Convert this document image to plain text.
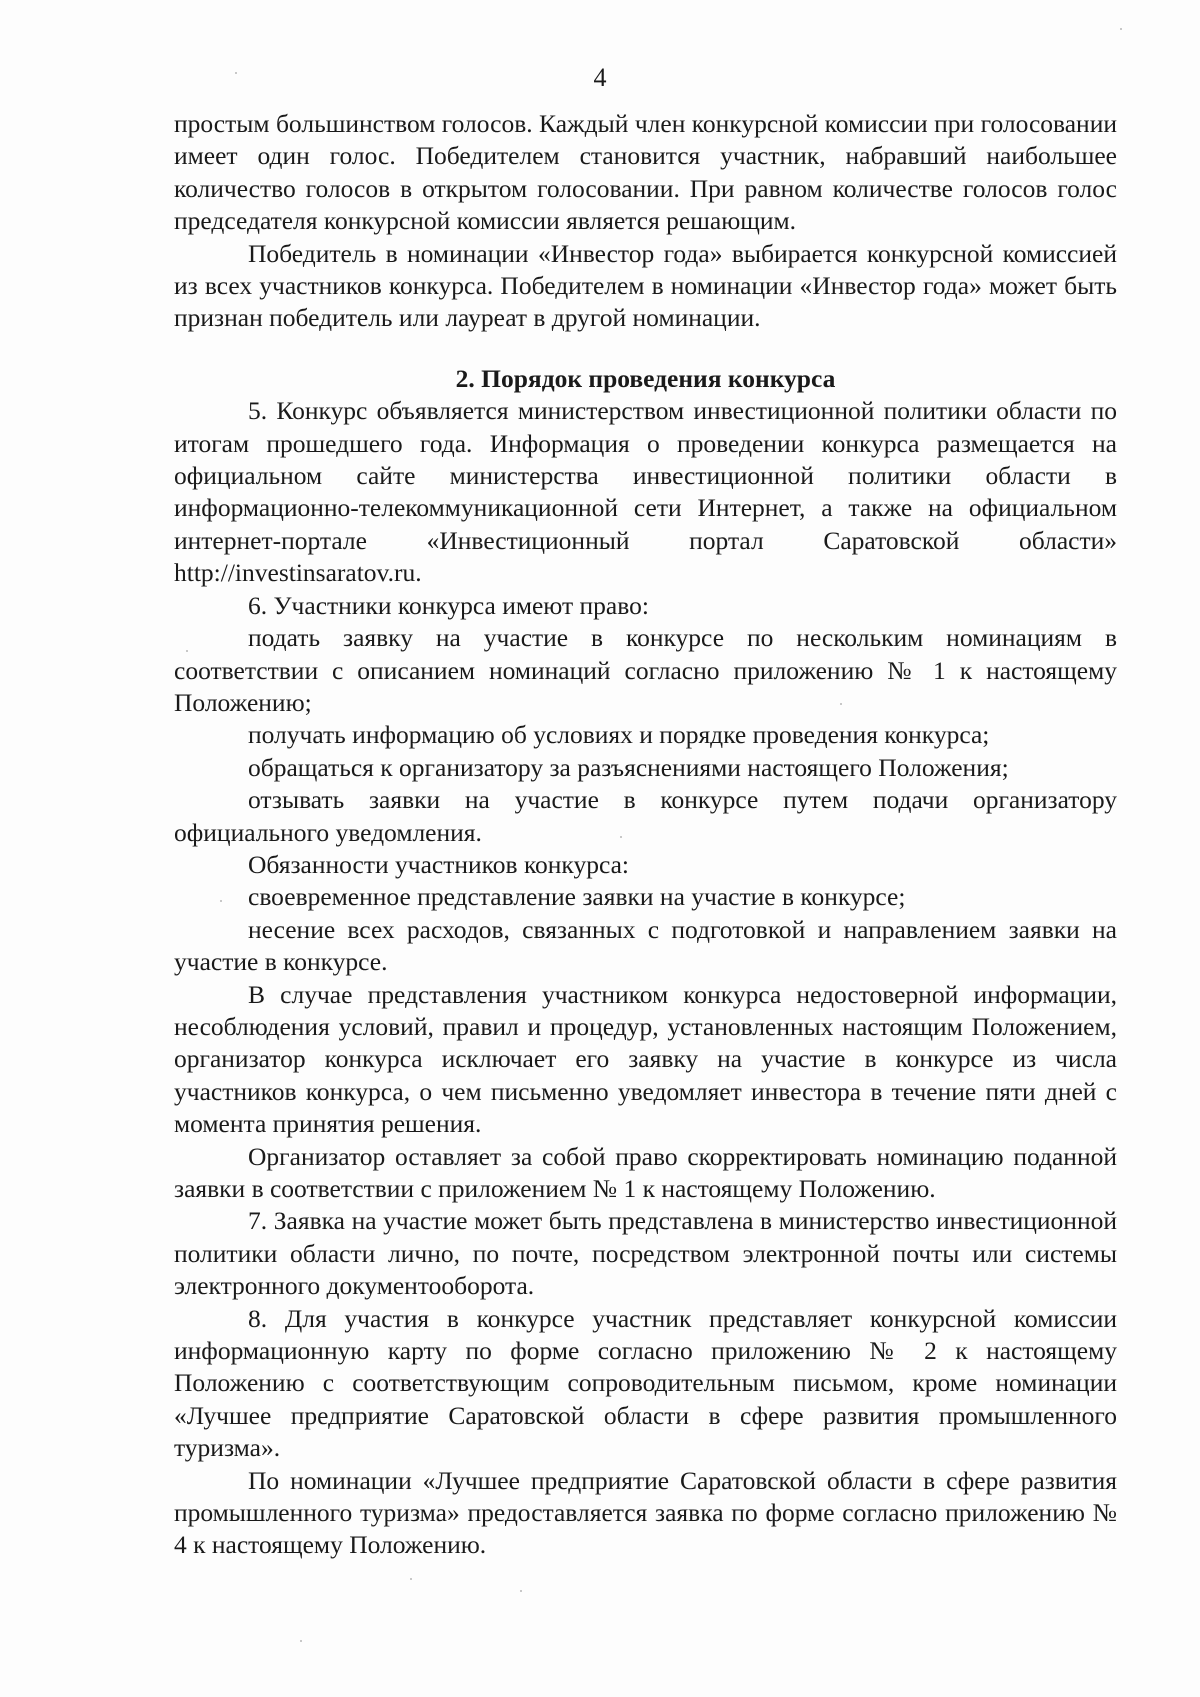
4

простым большинством голосов. Каждый член конкурсной комиссии при голосовании имеет один голос. Победителем становится участник, набравший наибольшее количество голосов в открытом голосовании. При равном количестве голосов голос председателя конкурсной комиссии является решающим.

Победитель в номинации «Инвестор года» выбирается конкурсной комиссией из всех участников конкурса. Победителем в номинации «Инвестор года» может быть признан победитель или лауреат в другой номинации.

2. Порядок проведения конкурса

5. Конкурс объявляется министерством инвестиционной политики области по итогам прошедшего года. Информация о проведении конкурса размещается на официальном сайте министерства инвестиционной политики области в информационно-телекоммуникационной сети Интернет, а также на официальном интернет-портале «Инвестиционный портал Саратовской области» http://investinsaratov.ru.

6. Участники конкурса имеют право:

подать заявку на участие в конкурсе по нескольким номинациям в соответствии с описанием номинаций согласно приложению № 1 к настоящему Положению;

получать информацию об условиях и порядке проведения конкурса;

обращаться к организатору за разъяснениями настоящего Положения;

отзывать заявки на участие в конкурсе путем подачи организатору официального уведомления.

Обязанности участников конкурса:

своевременное представление заявки на участие в конкурсе;

несение всех расходов, связанных с подготовкой и направлением заявки на участие в конкурсе.

В случае представления участником конкурса недостоверной информации, несоблюдения условий, правил и процедур, установленных настоящим Положением, организатор конкурса исключает его заявку на участие в конкурсе из числа участников конкурса, о чем письменно уведомляет инвестора в течение пяти дней с момента принятия решения.

Организатор оставляет за собой право скорректировать номинацию поданной заявки в соответствии с приложением № 1 к настоящему Положению.

7. Заявка на участие может быть представлена в министерство инвестиционной политики области лично, по почте, посредством электронной почты или системы электронного документооборота.

8. Для участия в конкурсе участник представляет конкурсной комиссии информационную карту по форме согласно приложению № 2 к настоящему Положению с соответствующим сопроводительным письмом, кроме номинации «Лучшее предприятие Саратовской области в сфере развития промышленного туризма».

По номинации «Лучшее предприятие Саратовской области в сфере развития промышленного туризма» предоставляется заявка по форме согласно приложению № 4 к настоящему Положению.
